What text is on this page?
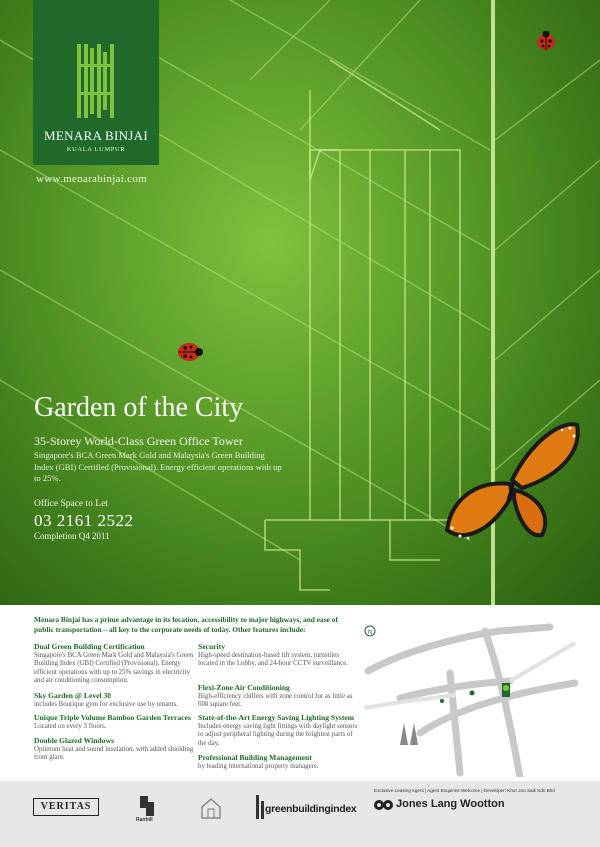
MENARA BINJAI
KUALA LUMPUR
www.menarabinjai.com
Garden of the City
35-Storey World-Class Green Office Tower
Singapore's BCA Green Mark Gold and Malaysia's Green Building Index (GBI) Certified (Provisional). Energy efficient operations with up to 25%.
Office Space to Let
03 2161 2522
Completion Q4 2011
Menara Binjai has a prime advantage in its location, accessibility to major highways, and ease of public transportation – all key to the corporate needs of today. Other features include:
Dual Green Building Certification

Singapore's BCA Green Mark Gold and Malaysia's Green Building Index (GBI) Certified (Provisional). Energy efficient operations with up to 25% savings in electricity and air conditioning consumption.

Sky Garden @ Level 30

includes Boutique gym for exclusive use by tenants.

Unique Triple Volume Bamboo Garden Terraces

Located on every 3 floors.

Double Glazed Windows

Optimum heat and sound insulation, with added shielding from glare.

Security

High-speed destination-based lift system, turnstiles located in the Lobby, and 24-hour CCTV surveillance.

Flexi-Zone Air Conditioning

High-efficiency chillers with zone control for as little as 600 square feet.

State-of-the-Art Energy Saving Lighting System

Includes energy saving light fittings with daylight sensors to adjust peripheral lighting during the brightest parts of the day.

Professional Building Management

by leading international property managers.

N
VERITAS
Ranhill
greenbuildingindex
Exclusive Leasing Agent | Agent Enquiries Welcome | Developer: Khor Joo Saik Sdn Bhd
Jones Lang Wootton
